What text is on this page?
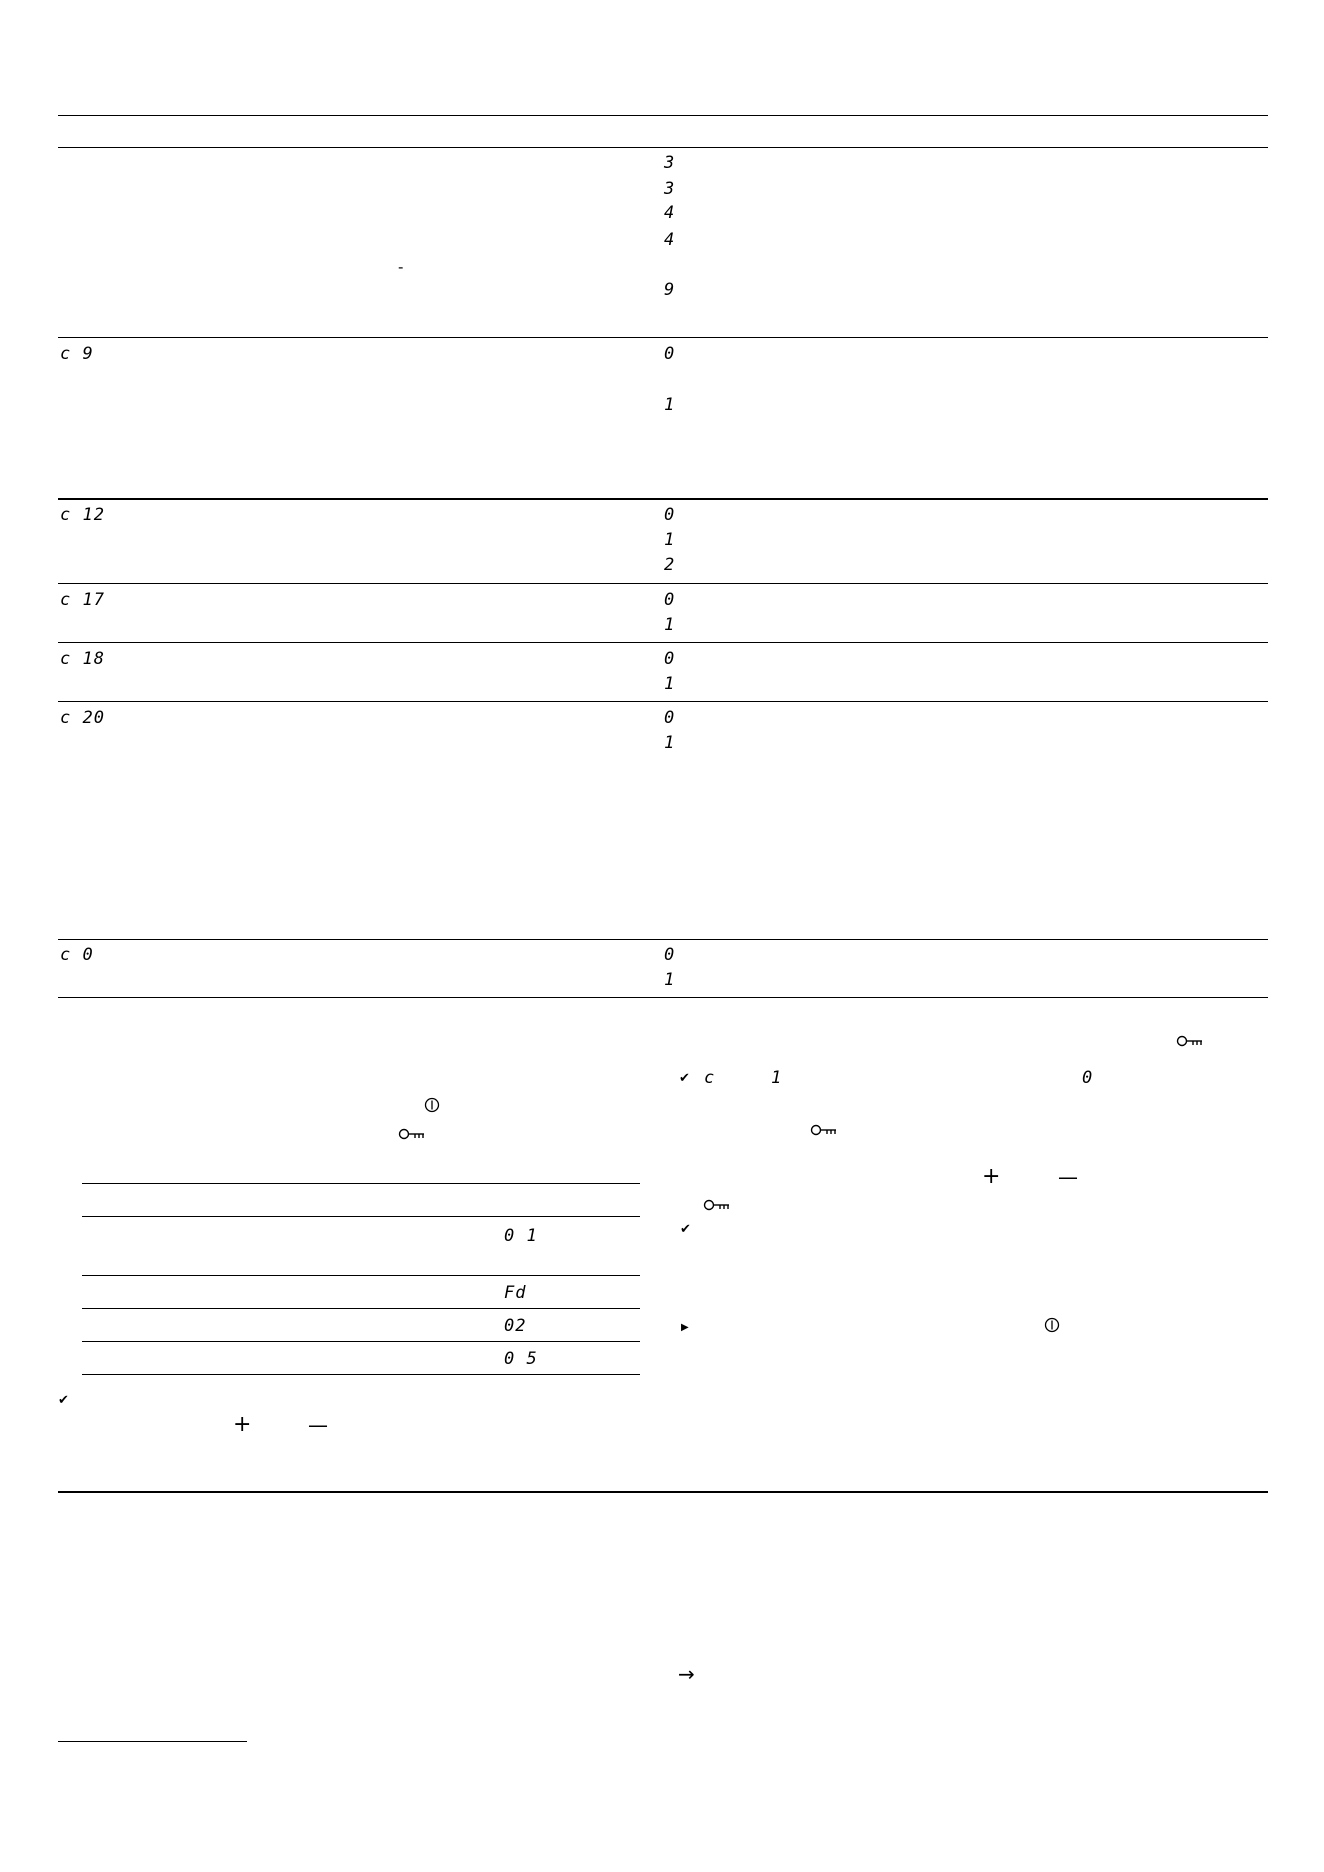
3
3
4
4
9
-
c 9	0
1
c 12	0
1
2
c 17	0
1
c 18	0
1
c 20	0
1
c 0	0
1
0 1
Fd
02
0 5
✔
+	—
✔ c	1	0
+	—
✔
▶
→
